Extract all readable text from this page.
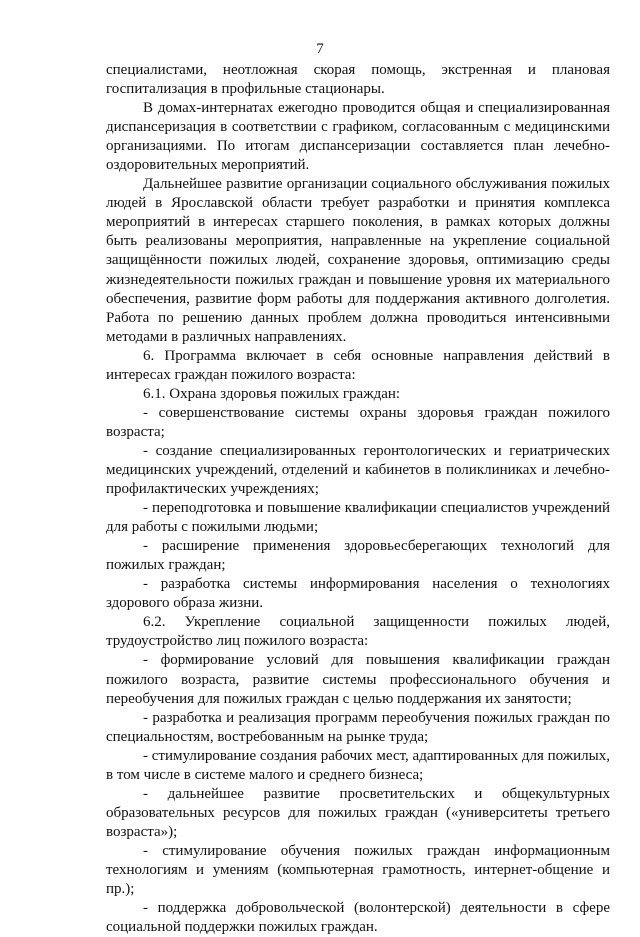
7

специалистами, неотложная скорая помощь, экстренная и плановая госпитализация в профильные стационары.

В домах-интернатах ежегодно проводится общая и специализированная диспансеризация в соответствии с графиком, согласованным с медицинскими организациями. По итогам диспансеризации составляется план лечебно-оздоровительных мероприятий.

Дальнейшее развитие организации социального обслуживания пожилых людей в Ярославской области требует разработки и принятия комплекса мероприятий в интересах старшего поколения, в рамках которых должны быть реализованы мероприятия, направленные на укрепление социальной защищённости пожилых людей, сохранение здоровья, оптимизацию среды жизнедеятельности пожилых граждан и повышение уровня их материального обеспечения, развитие форм работы для поддержания активного долголетия. Работа по решению данных проблем должна проводиться интенсивными методами в различных направлениях.

6. Программа включает в себя основные направления действий в интересах граждан пожилого возраста:

6.1. Охрана здоровья пожилых граждан:

- совершенствование системы охраны здоровья граждан пожилого возраста;

- создание специализированных геронтологических и гериатрических медицинских учреждений, отделений и кабинетов в поликлиниках и лечебно-профилактических учреждениях;

- переподготовка и повышение квалификации специалистов учреждений для работы с пожилыми людьми;

- расширение применения здоровьесберегающих технологий для пожилых граждан;

- разработка системы информирования населения о технологиях здорового образа жизни.

6.2. Укрепление социальной защищенности пожилых людей, трудоустройство лиц пожилого возраста:

- формирование условий для повышения квалификации граждан пожилого возраста, развитие системы профессионального обучения и переобучения для пожилых граждан с целью поддержания их занятости;

- разработка и реализация программ переобучения пожилых граждан по специальностям, востребованным на рынке труда;

- стимулирование создания рабочих мест, адаптированных для пожилых, в том числе в системе малого и среднего бизнеса;

- дальнейшее развитие просветительских и общекультурных образовательных ресурсов для пожилых граждан («университеты третьего возраста»);

- стимулирование обучения пожилых граждан информационным технологиям и умениям (компьютерная грамотность, интернет-общение и пр.);

- поддержка добровольческой (волонтерской) деятельности в сфере социальной поддержки пожилых граждан.
